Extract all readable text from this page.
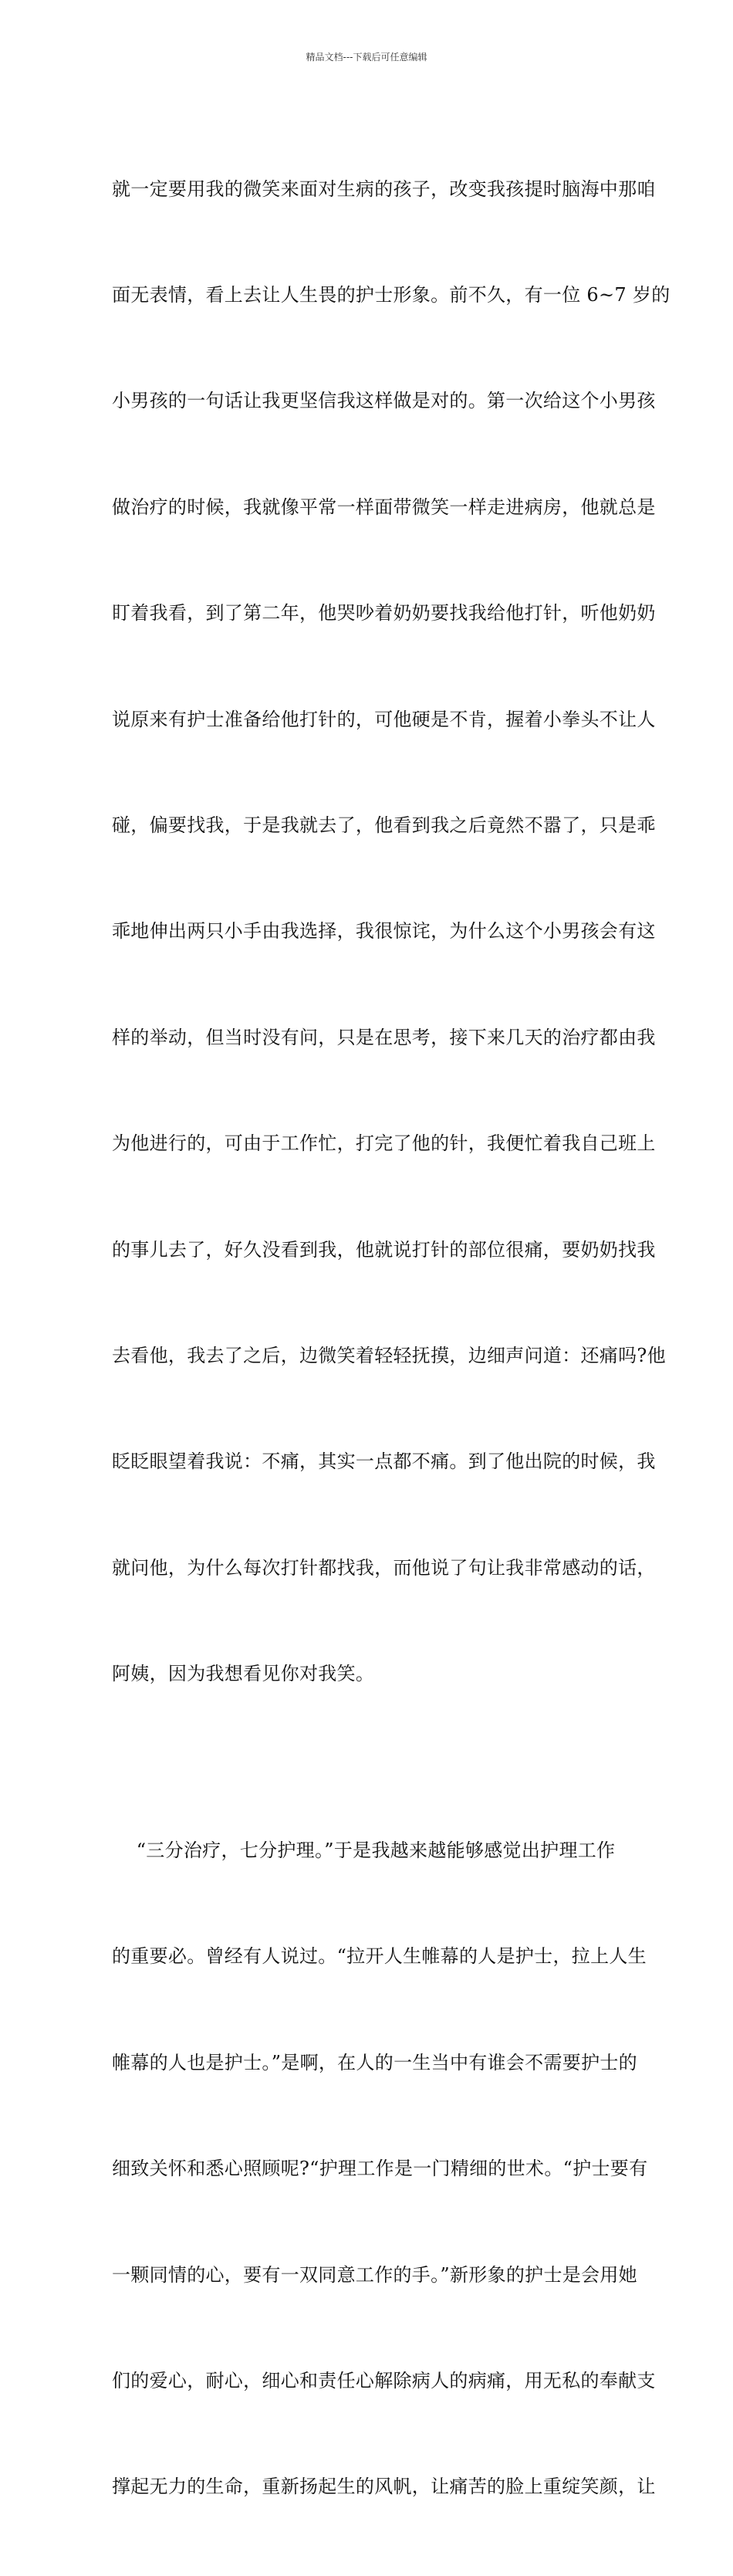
精品文档---下载后可任意编辑

就一定要用我的微笑来面对生病的孩子，改变我孩提时脑海中那咱

面无表情，看上去让人生畏的护士形象。前不久，有一位 6~7 岁的

小男孩的一句话让我更坚信我这样做是对的。第一次给这个小男孩

做治疗的时候，我就像平常一样面带微笑一样走进病房，他就总是

盯着我看，到了第二年，他哭吵着奶奶要找我给他打针，听他奶奶

说原来有护士准备给他打针的，可他硬是不肯，握着小拳头不让人

碰，偏要找我，于是我就去了，他看到我之后竟然不嚣了，只是乖

乖地伸出两只小手由我选择，我很惊诧，为什么这个小男孩会有这

样的举动，但当时没有问，只是在思考，接下来几天的治疗都由我

为他进行的，可由于工作忙，打完了他的针，我便忙着我自己班上

的事儿去了，好久没看到我，他就说打针的部位很痛，要奶奶找我

去看他，我去了之后，边微笑着轻轻抚摸，边细声问道：还痛吗?他

眨眨眼望着我说：不痛，其实一点都不痛。到了他出院的时候，我

就问他，为什么每次打针都找我，而他说了句让我非常感动的话，

阿姨，因为我想看见你对我笑。

“三分治疗，七分护理。”于是我越来越能够感觉出护理工作

的重要必。曾经有人说过。“拉开人生帷幕的人是护士，拉上人生

帷幕的人也是护士。”是啊，在人的一生当中有谁会不需要护士的

细致关怀和悉心照顾呢?“护理工作是一门精细的世术。“护士要有

一颗同情的心，要有一双同意工作的手。”新形象的护士是会用她

们的爱心，耐心，细心和责任心解除病人的病痛，用无私的奉献支

撑起无力的生命，重新扬起生的风帆，让痛苦的脸上重绽笑颜，让
